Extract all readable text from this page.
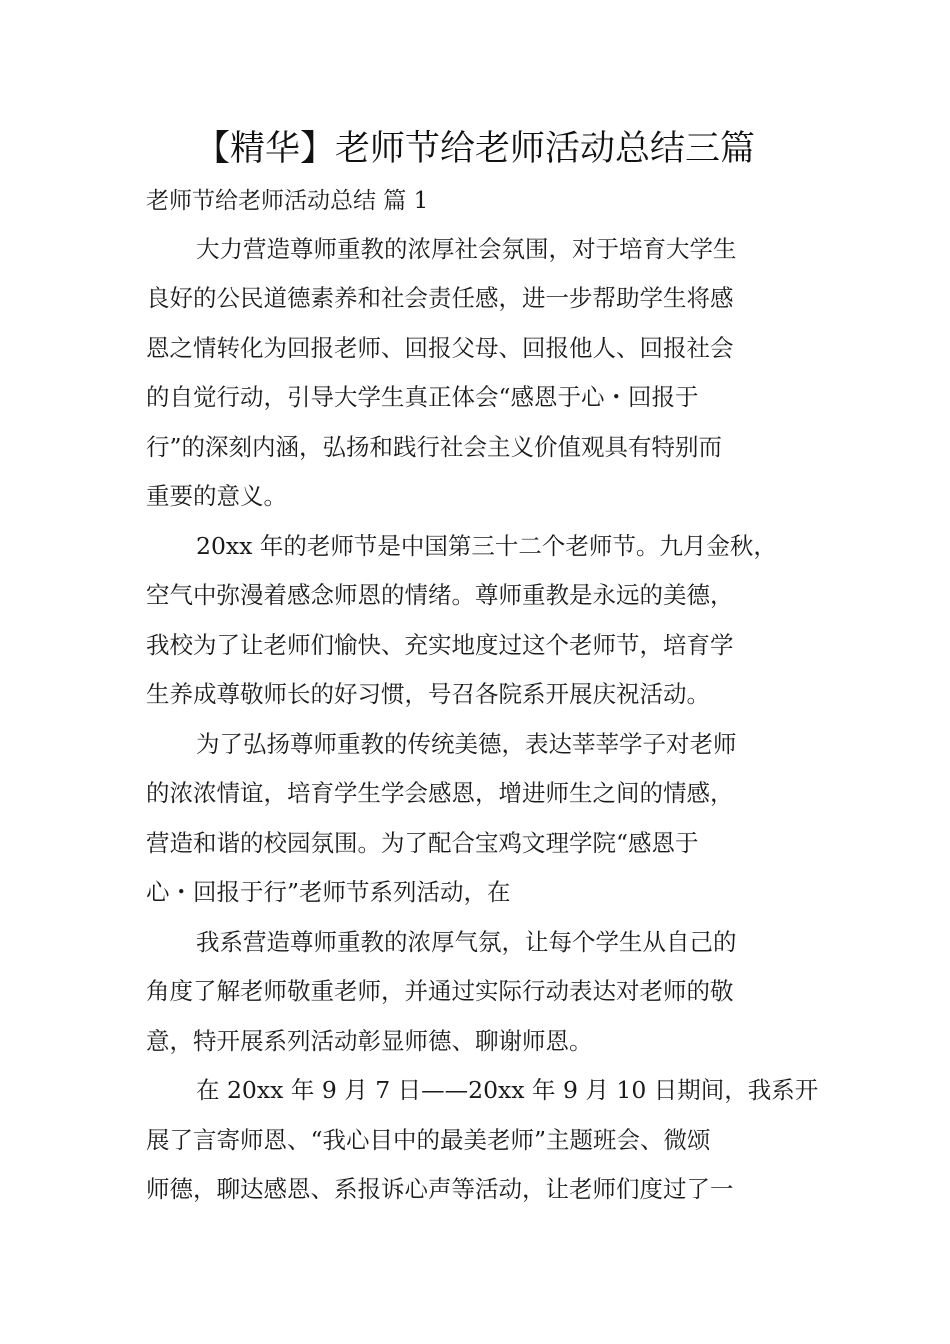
【精华】老师节给老师活动总结三篇
老师节给老师活动总结 篇 1
大力营造尊师重教的浓厚社会氛围，对于培育大学生
良好的公民道德素养和社会责任感，进一步帮助学生将感
恩之情转化为回报老师、回报父母、回报他人、回报社会
的自觉行动，引导大学生真正体会“感恩于心・回报于
行”的深刻内涵，弘扬和践行社会主义价值观具有特别而
重要的意义。
20xx 年的老师节是中国第三十二个老师节。九月金秋，
空气中弥漫着感念师恩的情绪。尊师重教是永远的美德，
我校为了让老师们愉快、充实地度过这个老师节，培育学
生养成尊敬师长的好习惯，号召各院系开展庆祝活动。
为了弘扬尊师重教的传统美德，表达莘莘学子对老师
的浓浓情谊，培育学生学会感恩，增进师生之间的情感，
营造和谐的校园氛围。为了配合宝鸡文理学院“感恩于
心・回报于行”老师节系列活动，在
我系营造尊师重教的浓厚气氛，让每个学生从自己的
角度了解老师敬重老师，并通过实际行动表达对老师的敬
意，特开展系列活动彰显师德、聊谢师恩。
在 20xx 年 9 月 7 日——20xx 年 9 月 10 日期间，我系开
展了言寄师恩、“我心目中的最美老师”主题班会、微颂
师德，聊达感恩、系报诉心声等活动，让老师们度过了一
